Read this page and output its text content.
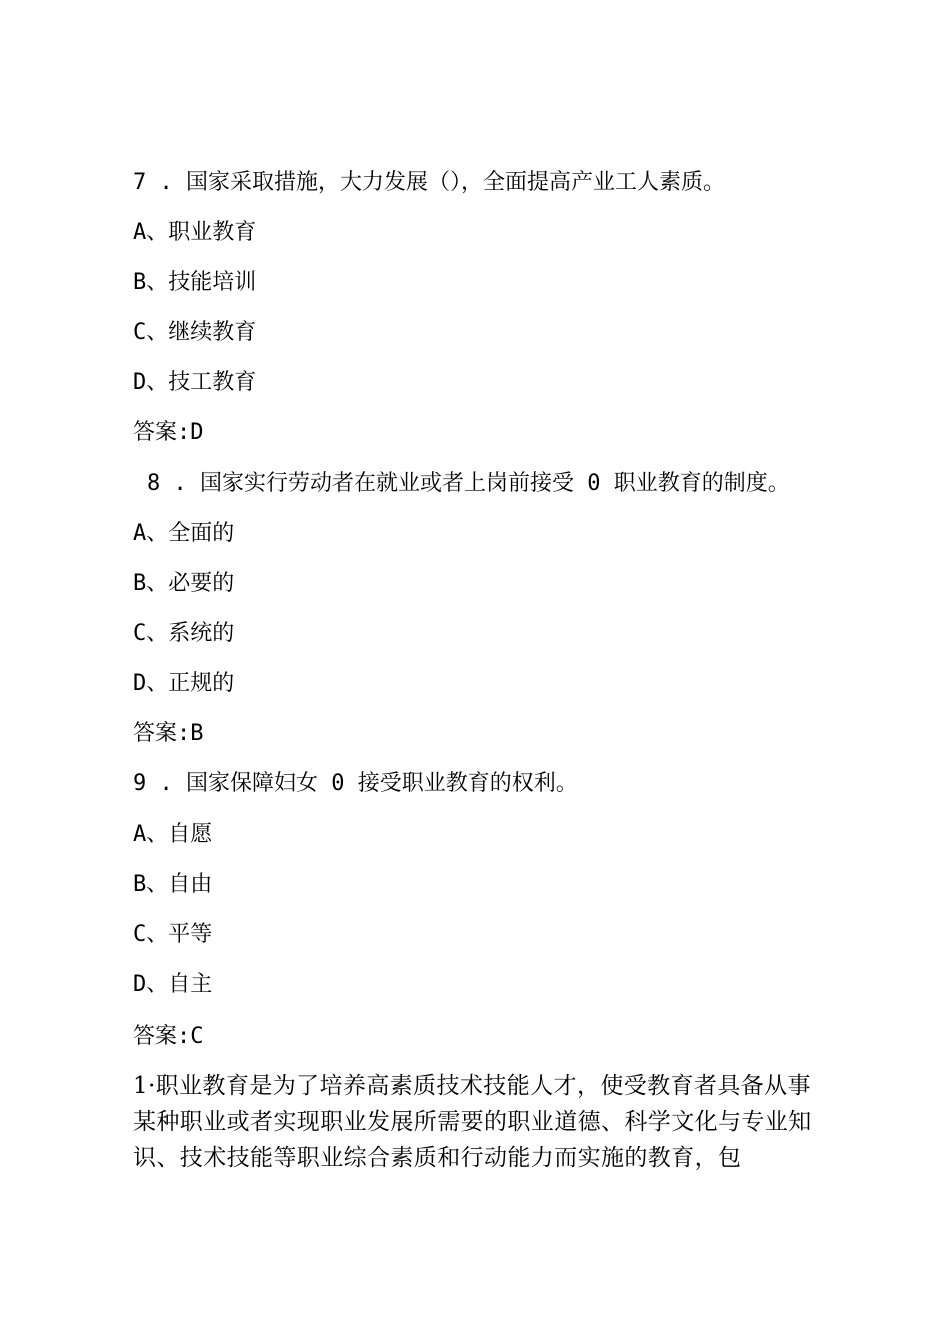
7 . 国家采取措施，大力发展（），全面提高产业工人素质。

A、职业教育

B、技能培训

C、继续教育

D、技工教育

答案:D

8 . 国家实行劳动者在就业或者上岗前接受 0 职业教育的制度。

A、全面的

B、必要的

C、系统的

D、正规的

答案:B

9 . 国家保障妇女 0 接受职业教育的权利。

A、自愿

B、自由

C、平等

D、自主

答案:C

1·职业教育是为了培养高素质技术技能人才，使受教育者具备从事某种职业或者实现职业发展所需要的职业道德、科学文化与专业知识、技术技能等职业综合素质和行动能力而实施的教育，包
